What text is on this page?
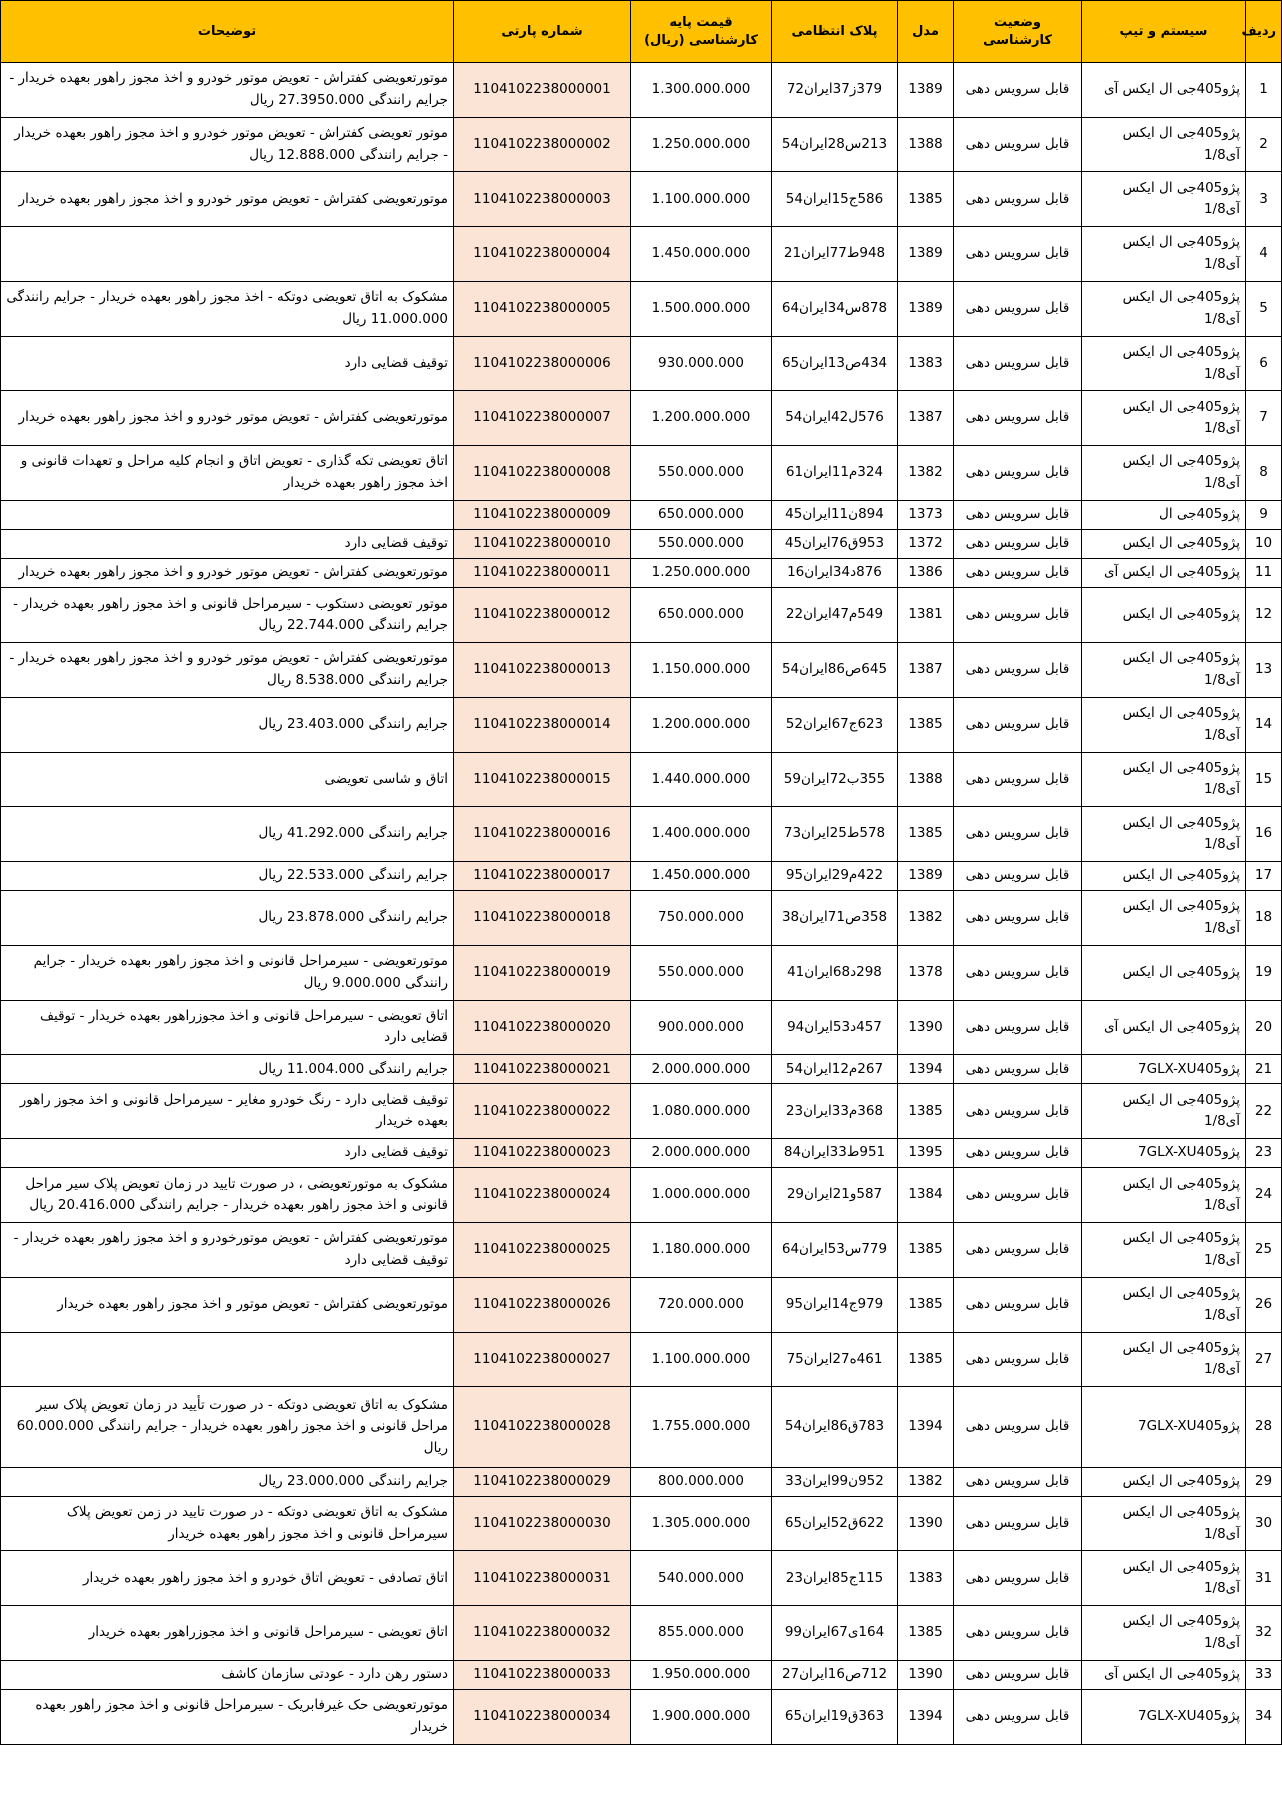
ردیف	سیستم و تیپ	وضعیت کارشناسی	مدل	پلاک انتظامی	قیمت پایه کارشناسی (ریال)	شماره پارتی	توضیحات
1	پژو405جی ال ایکس آی	قابل سرویس دهی	1389	379ز37ایران72	1.300.000.000	1104102238000001	موتورتعویضی کفتراش - تعویض موتور خودرو و اخذ مجوز راهور بعهده خریدار - جرایم رانندگی 27.3950.000 ریال
2	پژو405جی ال ایکس آی1/8	قابل سرویس دهی	1388	213س28ایران54	1.250.000.000	1104102238000002	موتور تعویضی کفتراش - تعویض موتور خودرو و اخذ مجوز راهور بعهده خریدار - جرایم رانندگی 12.888.000 ریال
3	پژو405جی ال ایکس آی1/8	قابل سرویس دهی	1385	586ج15ایران54	1.100.000.000	1104102238000003	موتورتعویضی کفتراش - تعویض موتور خودرو و اخذ مجوز راهور بعهده خریدار
4	پژو405جی ال ایکس آی1/8	قابل سرویس دهی	1389	948ط77ایران21	1.450.000.000	1104102238000004	
5	پژو405جی ال ایکس آی1/8	قابل سرویس دهی	1389	878س34ایران64	1.500.000.000	1104102238000005	مشکوک به اتاق تعویضی دوتکه - اخذ مجوز راهور بعهده خریدار - جرایم رانندگی 11.000.000 ریال
6	پژو405جی ال ایکس آی1/8	قابل سرویس دهی	1383	434ص13ایران65	930.000.000	1104102238000006	توقیف قضایی دارد
7	پژو405جی ال ایکس آی1/8	قابل سرویس دهی	1387	576ل42ایران54	1.200.000.000	1104102238000007	موتورتعویضی کفتراش - تعویض موتور خودرو و اخذ مجوز راهور بعهده خریدار
8	پژو405جی ال ایکس آی1/8	قابل سرویس دهی	1382	324م11ایران61	550.000.000	1104102238000008	اتاق تعویضی تکه گذاری - تعویض اتاق و انجام کلیه مراحل و تعهدات قانونی و اخذ مجوز راهور بعهده خریدار
9	پژو405جی ال	قابل سرویس دهی	1373	894ن11ایران45	650.000.000	1104102238000009	
10	پژو405جی ال ایکس	قابل سرویس دهی	1372	953ق76ایران45	550.000.000	1104102238000010	توقیف قضایی دارد
11	پژو405جی ال ایکس آی	قابل سرویس دهی	1386	876د34ایران16	1.250.000.000	1104102238000011	موتورتعویضی کفتراش - تعویض موتور خودرو و اخذ مجوز راهور بعهده خریدار
12	پژو405جی ال ایکس	قابل سرویس دهی	1381	549م47ایران22	650.000.000	1104102238000012	موتور تعویضی دستکوب - سیرمراحل قانونی و اخذ مجوز راهور بعهده خریدار - جرایم رانندگی 22.744.000 ریال
13	پژو405جی ال ایکس آی1/8	قابل سرویس دهی	1387	645ص86ایران54	1.150.000.000	1104102238000013	موتورتعویضی کفتراش - تعویض موتور خودرو و اخذ مجوز راهور بعهده خریدار - جرایم رانندگی 8.538.000 ریال
14	پژو405جی ال ایکس آی1/8	قابل سرویس دهی	1385	623ج67ایران52	1.200.000.000	1104102238000014	جرایم رانندگی 23.403.000 ریال
15	پژو405جی ال ایکس آی1/8	قابل سرویس دهی	1388	355ب72ایران59	1.440.000.000	1104102238000015	اتاق و شاسی تعویضی
16	پژو405جی ال ایکس آی1/8	قابل سرویس دهی	1385	578ط25ایران73	1.400.000.000	1104102238000016	جرایم رانندگی 41.292.000 ریال
17	پژو405جی ال ایکس	قابل سرویس دهی	1389	422م29ایران95	1.450.000.000	1104102238000017	جرایم رانندگی 22.533.000 ریال
18	پژو405جی ال ایکس آی1/8	قابل سرویس دهی	1382	358ص71ایران38	750.000.000	1104102238000018	جرایم رانندگی 23.878.000 ریال
19	پژو405جی ال ایکس	قابل سرویس دهی	1378	298د68ایران41	550.000.000	1104102238000019	موتورتعویضی - سیرمراحل قانونی و اخذ مجوز راهور بعهده خریدار - جرایم رانندگی 9.000.000 ریال
20	پژو405جی ال ایکس آی	قابل سرویس دهی	1390	457د53ایران94	900.000.000	1104102238000020	اتاق تعویضی - سیرمراحل قانونی و اخذ مجوزراهور بعهده خریدار - توقیف قضایی دارد
21	پژو7GLX-XU405	قابل سرویس دهی	1394	267م12ایران54	2.000.000.000	1104102238000021	جرایم رانندگی 11.004.000 ریال
22	پژو405جی ال ایکس آی1/8	قابل سرویس دهی	1385	368م33ایران23	1.080.000.000	1104102238000022	توقیف قضایی دارد - رنگ خودرو مغایر - سیرمراحل قانونی و اخذ مجوز راهور بعهده خریدار
23	پژو7GLX-XU405	قابل سرویس دهی	1395	951ط33ایران84	2.000.000.000	1104102238000023	توقیف قضایی دارد
24	پژو405جی ال ایکس آی1/8	قابل سرویس دهی	1384	587و21ایران29	1.000.000.000	1104102238000024	مشکوک به موتورتعویضی ، در صورت تایید در زمان تعویض پلاک سیر مراحل قانونی و اخذ مجوز راهور بعهده خریدار - جرایم رانندگی 20.416.000 ریال
25	پژو405جی ال ایکس آی1/8	قابل سرویس دهی	1385	779س53ایران64	1.180.000.000	1104102238000025	موتورتعویضی کفتراش - تعویض موتورخودرو و اخذ مجوز راهور بعهده خریدار - توقیف قضایی دارد
26	پژو405جی ال ایکس آی1/8	قابل سرویس دهی	1385	979ج14ایران95	720.000.000	1104102238000026	موتورتعویضی کفتراش - تعویض موتور و اخذ مجوز راهور بعهده خریدار
27	پژو405جی ال ایکس آی1/8	قابل سرویس دهی	1385	461ه27ایران75	1.100.000.000	1104102238000027	
28	پژو7GLX-XU405	قابل سرویس دهی	1394	783ق86ایران54	1.755.000.000	1104102238000028	مشکوک به اتاق تعویضی دوتکه - در صورت تأیید در زمان تعویض پلاک سیر مراحل قانونی و اخذ مجوز راهور بعهده خریدار - جرایم رانندگی 60.000.000 ریال
29	پژو405جی ال ایکس	قابل سرویس دهی	1382	952ن99ایران33	800.000.000	1104102238000029	جرایم رانندگی 23.000.000 ریال
30	پژو405جی ال ایکس آی1/8	قابل سرویس دهی	1390	622ق52ایران65	1.305.000.000	1104102238000030	مشکوک به اتاق تعویضی دوتکه - در صورت تایید در زمن تعویض پلاک سیرمراحل قانونی و اخذ مجوز راهور بعهده خریدار
31	پژو405جی ال ایکس آی1/8	قابل سرویس دهی	1383	115ج85ایران23	540.000.000	1104102238000031	اتاق تصادفی - تعویض اتاق خودرو و اخذ مجوز راهور بعهده خریدار
32	پژو405جی ال ایکس آی1/8	قابل سرویس دهی	1385	164ی67ایران99	855.000.000	1104102238000032	اتاق تعویضی - سیرمراحل قانونی و اخذ مجوزراهور بعهده خریدار
33	پژو405جی ال ایکس آی	قابل سرویس دهی	1390	712ص16ایران27	1.950.000.000	1104102238000033	دستور رهن دارد - عودتی سازمان کاشف
34	پژو7GLX-XU405	قابل سرویس دهی	1394	363ق19ایران65	1.900.000.000	1104102238000034	موتورتعویضی حک غیرفابریک - سیرمراحل قانونی و اخذ مجوز راهور بعهده خریدار
